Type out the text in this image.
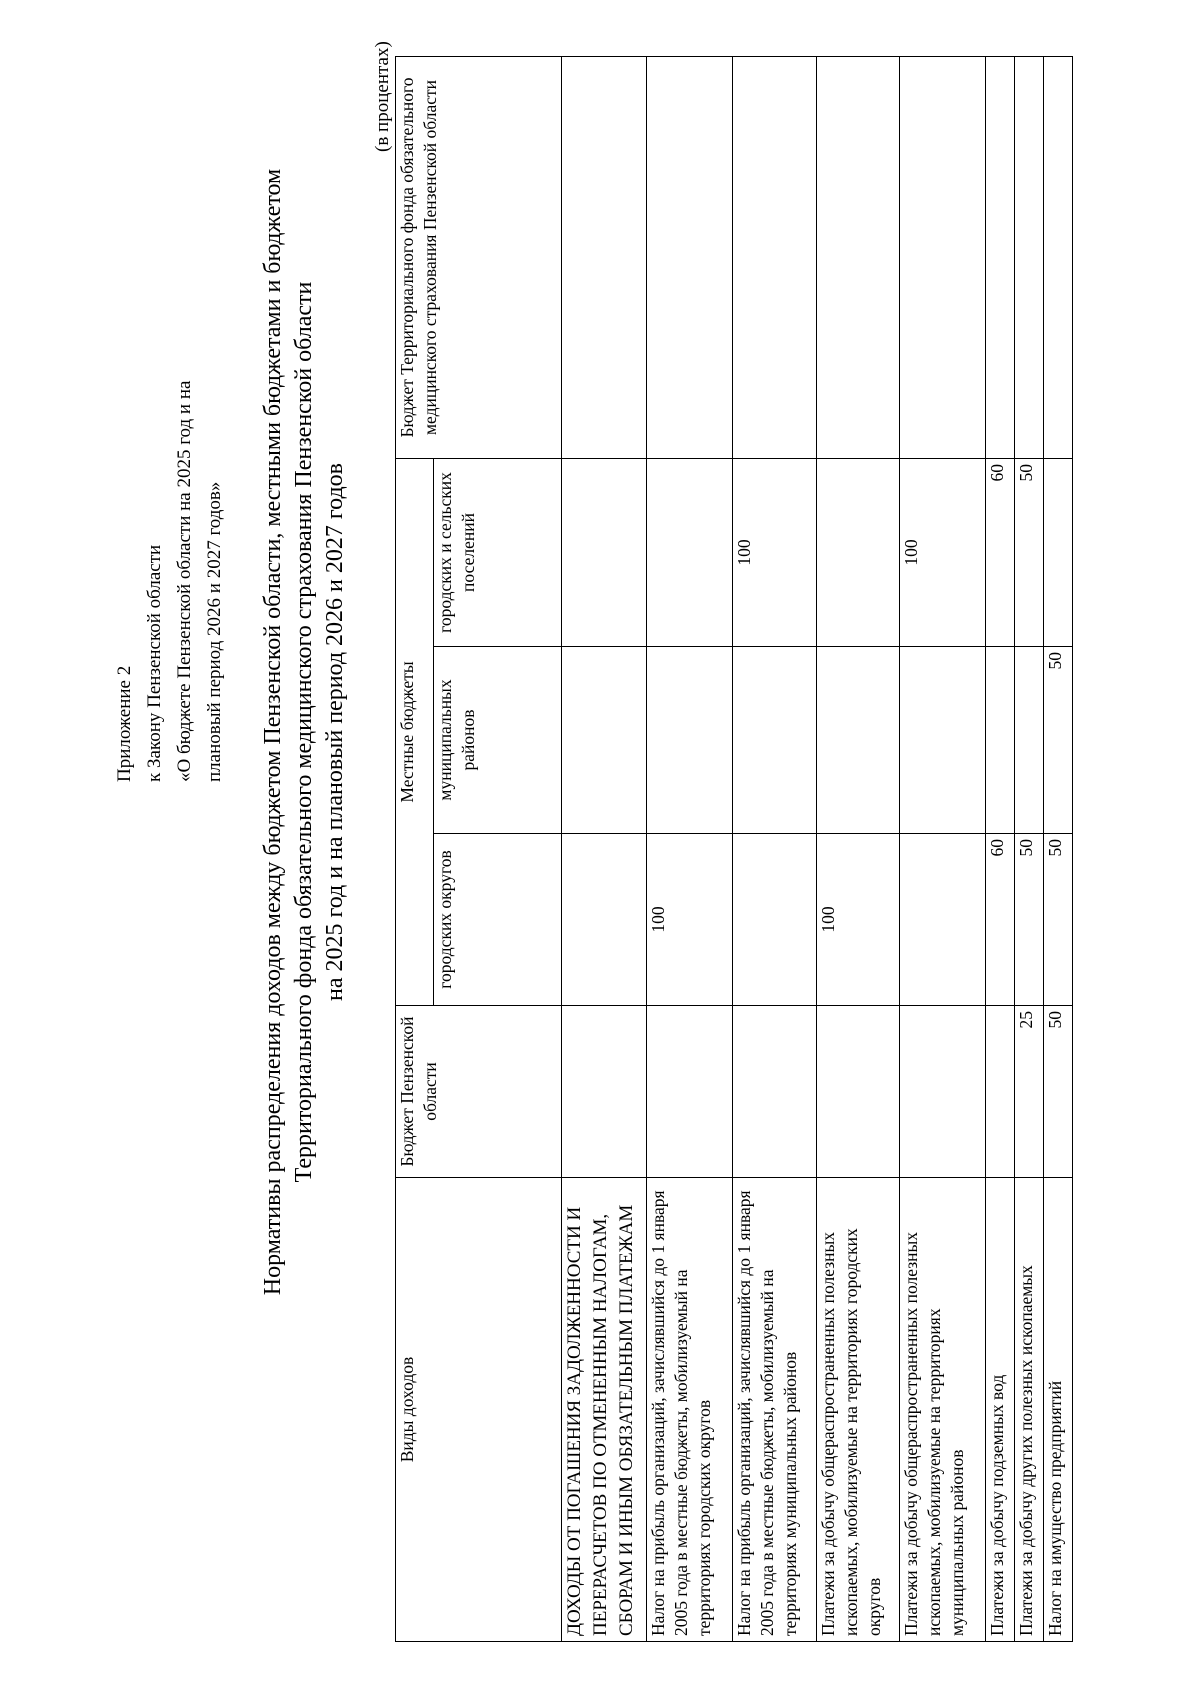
Приложение 2 к Закону Пензенской области «О бюджете Пензенской области на 2025 год и на плановый период 2026 и 2027 годов» Нормативы распределения доходов между бюджетом Пензенской области, местными бюджетами и бюджетом Территориального фонда обязательного медицинского страхования Пензенской области на 2025 год и на плановый период 2026 и 2027 годов
(в процентах)
Виды доходов	Бюджет Пензенской области	Местные бюджеты			Бюджет Территориального фонда обязательного медицинского страхования Пензенской области
		городских округов	муниципальных районов	городских и сельских поселений	
ДОХОДЫ ОТ ПОГАШЕНИЯ ЗАДОЛЖЕННОСТИ И ПЕРЕРАСЧЕТОВ ПО ОТМЕНЕННЫМ НАЛОГАМ, СБОРАМ И ИНЫМ ОБЯЗАТЕЛЬНЫМ ПЛАТЕЖАМ					
Налог на прибыль организаций, зачислявшийся до 1 января 2005 года в местные бюджеты, мобилизуемый на территориях городских округов		100			
Налог на прибыль организаций, зачислявшийся до 1 января 2005 года в местные бюджеты, мобилизуемый на территориях муниципальных районов				100	
Платежи за добычу общераспространенных полезных ископаемых, мобилизуемые на территориях городских округов		100			
Платежи за добычу общераспространенных полезных ископаемых, мобилизуемые на территориях муниципальных районов				100	
Платежи за добычу подземных вод		60		60	
Платежи за добычу других полезных ископаемых	25	50		50	
Налог на имущество предприятий	50	50	50		
